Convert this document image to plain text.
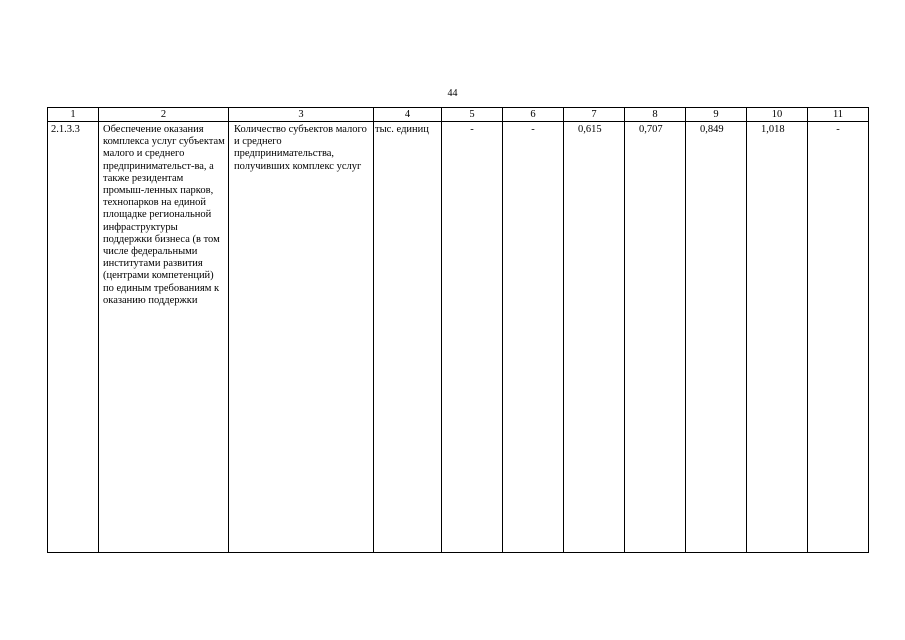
44
1	2	3	4	5	6	7	8	9	10	11
2.1.3.3	Обеспечение оказания комплекса услуг субъектам малого и среднего предпринимательст-ва, а также резидентам промыш-ленных парков, технопарков на единой площадке региональной инфраструктуры поддержки бизнеса (в том числе федеральными институтами развития (центрами компетенций) по единым требованиям к оказанию поддержки	Количество субъектов малого и среднего предпринимательства, получивших комплекс услуг	тыс. единиц	-	-	0,615	0,707	0,849	1,018	-
